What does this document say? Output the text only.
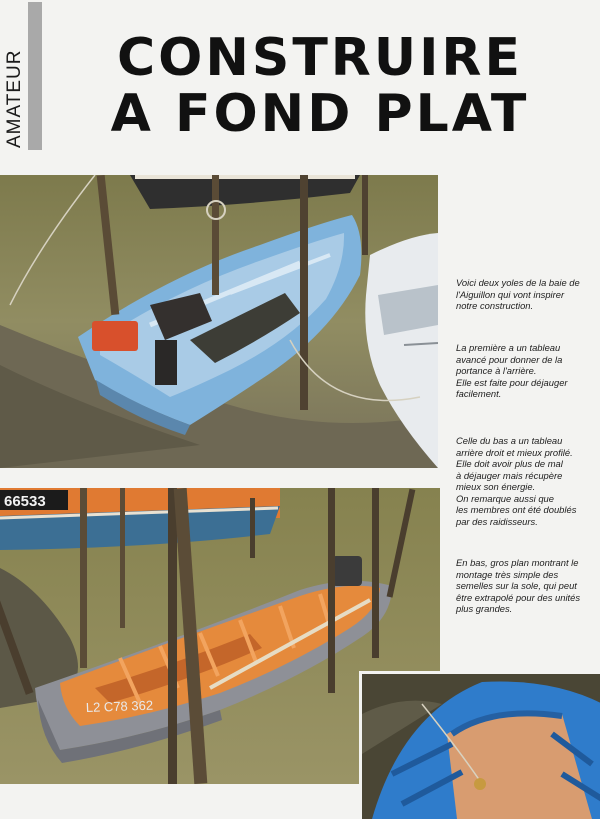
AMATEUR	CONSTRUIRE
A FOND PLAT
66533
L2 C78 362
Voici deux yoles de la baie de
l'Aiguillon qui vont inspirer
notre construction.
La première a un tableau
avancé pour donner de la
portance à l'arrière.
Elle est faite pour déjauger
facilement.
Celle du bas a un tableau
arrière droit et mieux profilé.
Elle doit avoir plus de mal
à déjauger mais récupère
mieux son énergie.
On remarque aussi que
les membres ont été doublés
par des raidisseurs.
En bas, gros plan montrant le
montage très simple des
semelles sur la sole, qui peut
être extrapolé pour des unités
plus grandes.
